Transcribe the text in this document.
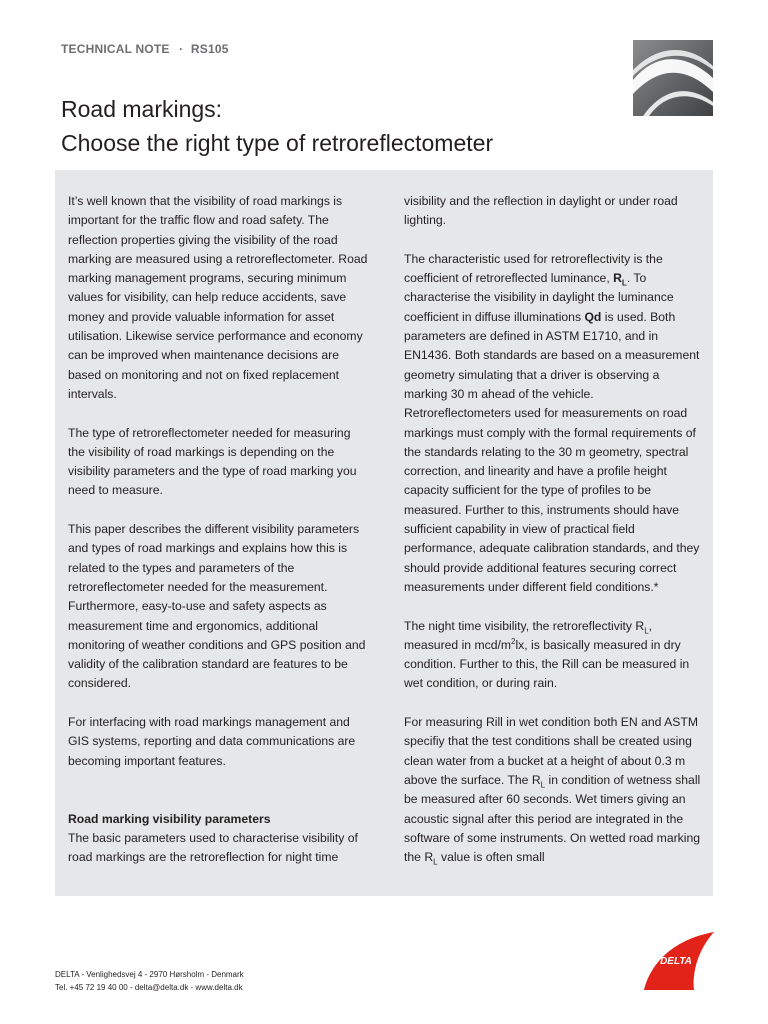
TECHNICAL NOTE · RS105
Road markings:
Choose the right type of retroreflectometer

It’s well known that the visibility of road markings is important for the traffic flow and road safety. The reflection properties giving the visibility of the road marking are measured using a retroreflectometer. Road marking management programs, securing minimum values for visibility, can help reduce accidents, save money and provide valuable information for asset utilisation. Likewise service performance and economy can be improved when maintenance decisions are based on monitoring and not on fixed replacement intervals.

The type of retroreflectometer needed for measuring the visibility of road markings is depending on the visibility parameters and the type of road marking you need to measure.

This paper describes the different visibility parameters and types of road markings and explains how this is related to the types and parameters of the retroreflectometer needed for the measurement. Furthermore, easy-to-use and safety aspects as measurement time and ergonomics, additional monitoring of weather conditions and GPS position and validity of the calibration standard are features to be considered.

For interfacing with road markings management and GIS systems, reporting and data communications are becoming important features.

Road marking visibility parameters

The basic parameters used to characterise visibility of road markings are the retroreflection for night time

visibility and the reflection in daylight or under road lighting.

The characteristic used for retroreflectivity is the coefficient of retroreflected luminance, $R_L$. To characterise the visibility in daylight the luminance coefficient in diffuse illuminations Qd is used. Both parameters are defined in ASTM E1710, and in EN1436. Both standards are based on a measurement geometry simulating that a driver is observing a marking 30 m ahead of the vehicle. Retroreflectometers used for measurements on road markings must comply with the formal requirements of the standards relating to the 30 m geometry, spectral correction, and linearity and have a profile height capacity sufficient for the type of profiles to be measured. Further to this, instruments should have sufficient capability in view of practical field performance, adequate calibration standards, and they should provide additional features securing correct measurements under different field conditions.*

The night time visibility, the retroreflectivity $R_L$, measured in mcd/$m^2lx$, is basically measured in dry condition. Further to this, the Rill can be measured in wet condition, or during rain.

For measuring Rill in wet condition both EN and ASTM specifiy that the test conditions shall be created using clean water from a bucket at a height of about 0.3 m above the surface. The $R_L$ in condition of wetness shall be measured after 60 seconds. Wet timers giving an acoustic signal after this period are integrated in the software of some instruments. On wetted road marking the $R_L$ value is often small

DELTA - Venlighedsvej 4 - 2970 Hørsholm - Denmark
Tel. +45 72 19 40 00 - delta@delta.dk - www.delta.dk
DELTA
